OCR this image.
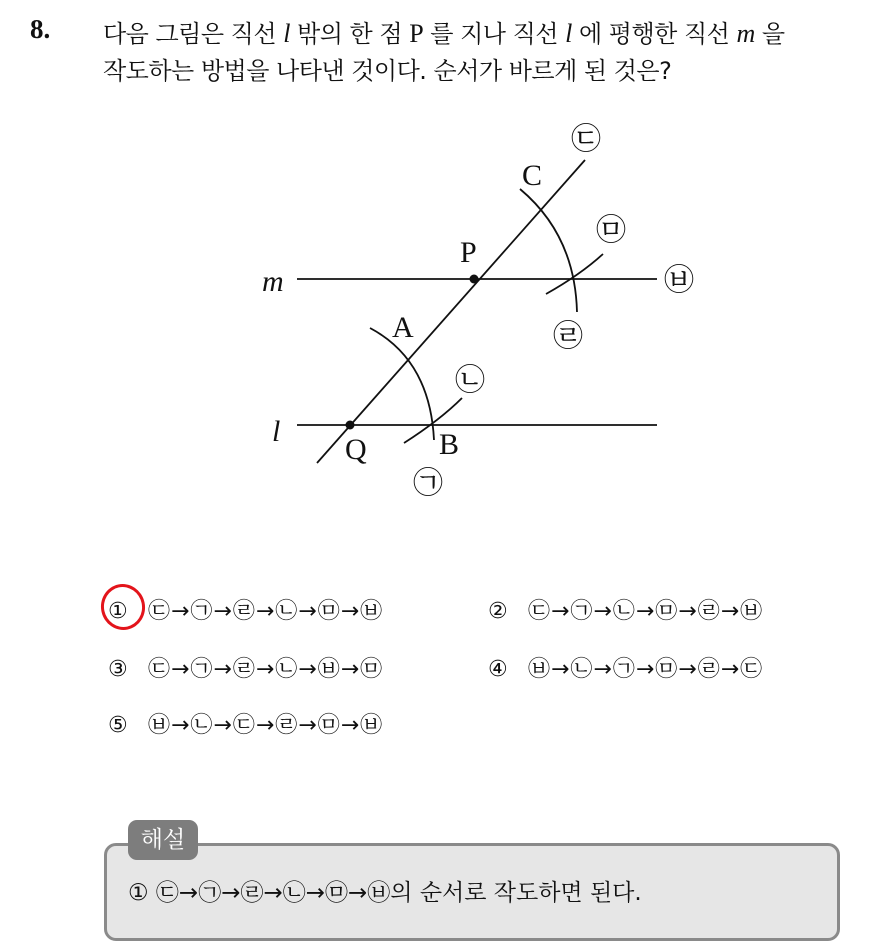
8. 다음 그림은 직선 l 밖의 한 점 P 를 지나 직선 l 에 평행한 직선 m 을
작도하는 방법을 나타낸 것이다. 순서가 바르게 된 것은?
m
l
P
Q
A
B
C
㉢
㉤
㉥
㉣
㉡
㉠
① ㉢→㉠→㉣→㉡→㉤→㉥	② ㉢→㉠→㉡→㉤→㉣→㉥
③ ㉢→㉠→㉣→㉡→㉥→㉤	④ ㉥→㉡→㉠→㉤→㉣→㉢
⑤ ㉥→㉡→㉢→㉣→㉤→㉥
해설
① ㉢→㉠→㉣→㉡→㉤→㉥의 순서로 작도하면 된다.
